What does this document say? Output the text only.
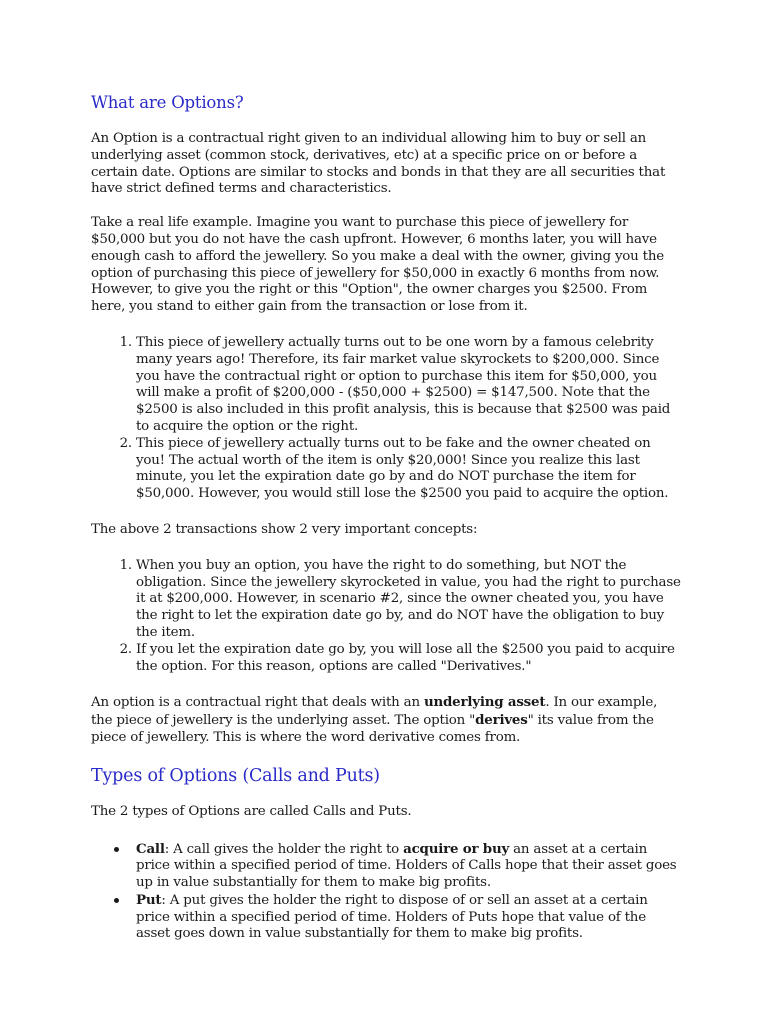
What are Options?

An Option is a contractual right given to an individual allowing him to buy or sell an underlying asset (common stock, derivatives, etc) at a specific price on or before a certain date. Options are similar to stocks and bonds in that they are all securities that have strict defined terms and characteristics.

Take a real life example. Imagine you want to purchase this piece of jewellery for $50,000 but you do not have the cash upfront. However, 6 months later, you will have enough cash to afford the jewellery. So you make a deal with the owner, giving you the option of purchasing this piece of jewellery for $50,000 in exactly 6 months from now. However, to give you the right or this "Option", the owner charges you $2500. From here, you stand to either gain from the transaction or lose from it.

1. This piece of jewellery actually turns out to be one worn by a famous celebrity many years ago! Therefore, its fair market value skyrockets to $200,000. Since you have the contractual right or option to purchase this item for $50,000, you will make a profit of $200,000 - ($50,000 + $2500) = $147,500. Note that the $2500 is also included in this profit analysis, this is because that $2500 was paid to acquire the option or the right.
2. This piece of jewellery actually turns out to be fake and the owner cheated on you! The actual worth of the item is only $20,000! Since you realize this last minute, you let the expiration date go by and do NOT purchase the item for $50,000. However, you would still lose the $2500 you paid to acquire the option.

The above 2 transactions show 2 very important concepts:

1. When you buy an option, you have the right to do something, but NOT the obligation. Since the jewellery skyrocketed in value, you had the right to purchase it at $200,000. However, in scenario #2, since the owner cheated you, you have the right to let the expiration date go by, and do NOT have the obligation to buy the item.
2. If you let the expiration date go by, you will lose all the $2500 you paid to acquire the option. For this reason, options are called "Derivatives."

An option is a contractual right that deals with an underlying asset. In our example, the piece of jewellery is the underlying asset. The option "derives" its value from the piece of jewellery. This is where the word derivative comes from.

Types of Options (Calls and Puts)

The 2 types of Options are called Calls and Puts.

Call: A call gives the holder the right to acquire or buy an asset at a certain price within a specified period of time. Holders of Calls hope that their asset goes up in value substantially for them to make big profits.
Put: A put gives the holder the right to dispose of or sell an asset at a certain price within a specified period of time. Holders of Puts hope that value of the asset goes down in value substantially for them to make big profits.
